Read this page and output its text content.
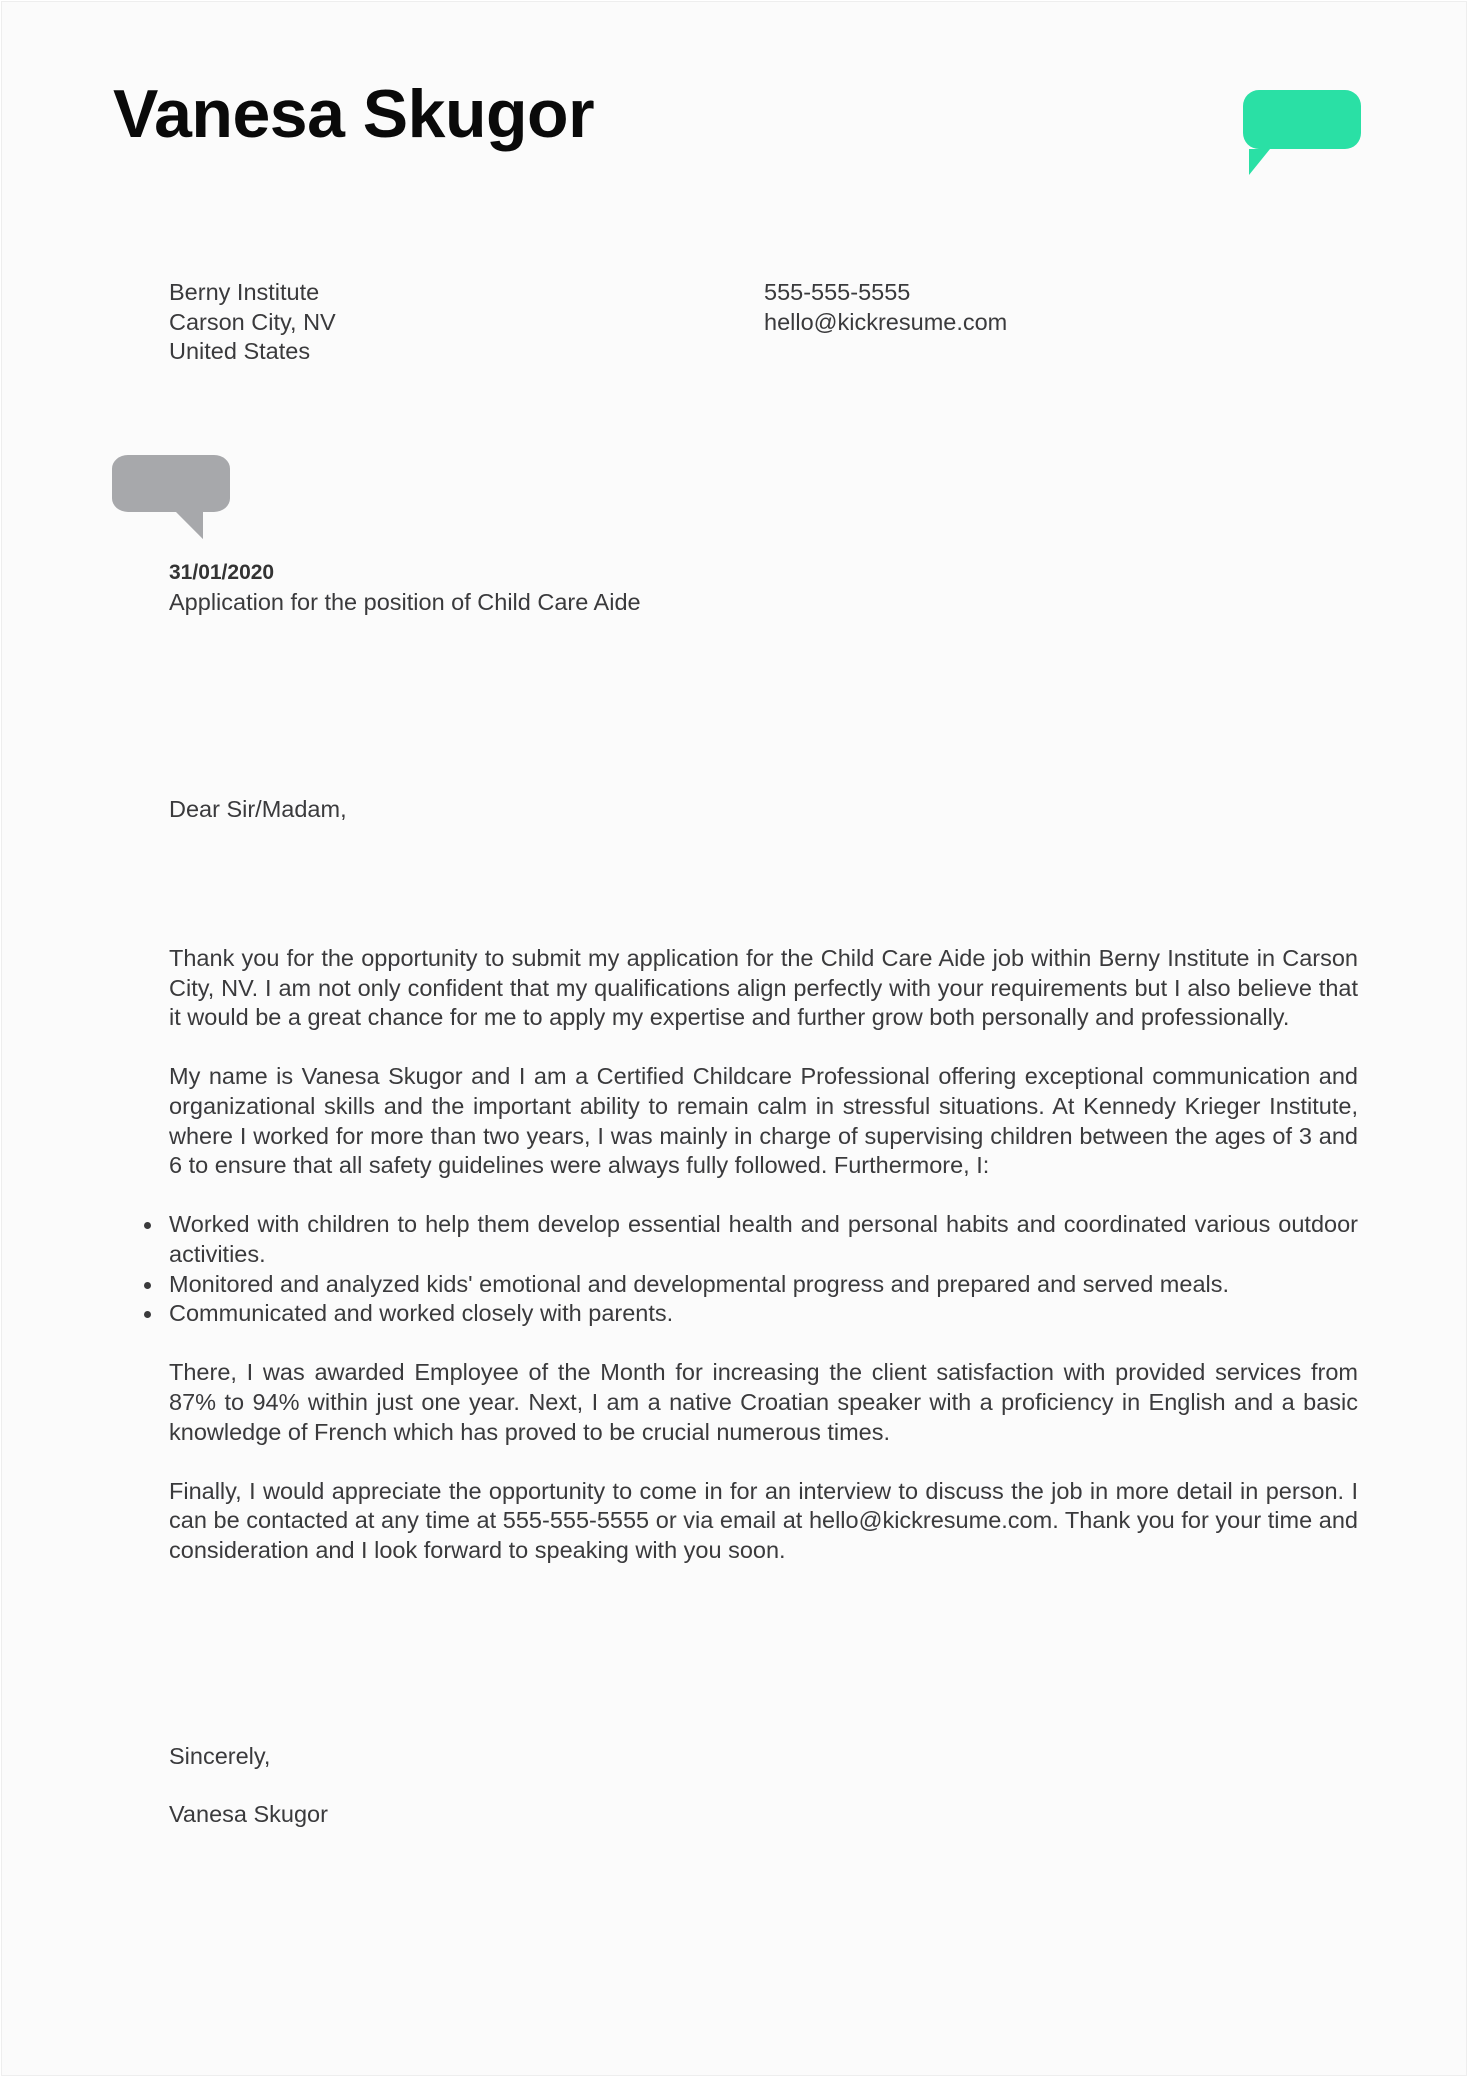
Vanesa Skugor
Berny Institute
Carson City, NV
United States
555-555-5555
hello@kickresume.com
31/01/2020
Application for the position of Child Care Aide
Dear Sir/Madam,

Thank you for the opportunity to submit my application for the Child Care Aide job within Berny Institute in Carson City, NV. I am not only confident that my qualifications align perfectly with your requirements but I also believe that it would be a great chance for me to apply my expertise and further grow both personally and professionally.

My name is Vanesa Skugor and I am a Certified Childcare Professional offering exceptional communication and organizational skills and the important ability to remain calm in stressful situations. At Kennedy Krieger Institute, where I worked for more than two years, I was mainly in charge of supervising children between the ages of 3 and 6 to ensure that all safety guidelines were always fully followed. Furthermore, I:

Worked with children to help them develop essential health and personal habits and coordinated various outdoor activities.
Monitored and analyzed kids' emotional and developmental progress and prepared and served meals.
Communicated and worked closely with parents.

There, I was awarded Employee of the Month for increasing the client satisfaction with provided services from 87% to 94% within just one year. Next, I am a native Croatian speaker with a proficiency in English and a basic knowledge of French which has proved to be crucial numerous times.

Finally, I would appreciate the opportunity to come in for an interview to discuss the job in more detail in person. I can be contacted at any time at 555-555-5555 or via email at hello@kickresume.com. Thank you for your time and consideration and I look forward to speaking with you soon.

Sincerely,
Vanesa Skugor
